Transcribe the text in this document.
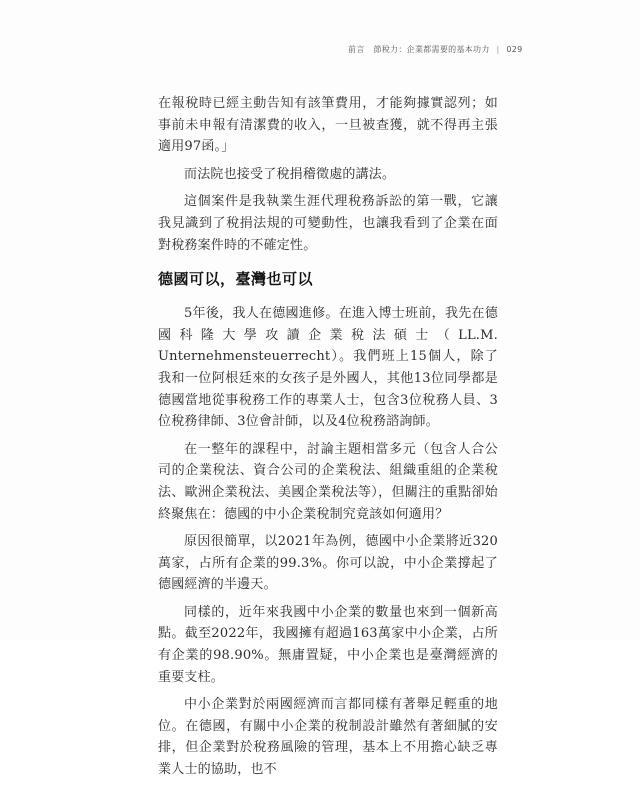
前言 節稅力：企業都需要的基本功力 | 029

在報稅時已經主動告知有該筆費用，才能夠據實認列；如事前未申報有清潔費的收入，一旦被查獲，就不得再主張適用97函。」

而法院也接受了稅捐稽徵處的講法。

這個案件是我執業生涯代理稅務訴訟的第一戰，它讓我見識到了稅捐法規的可變動性，也讓我看到了企業在面對稅務案件時的不確定性。

德國可以，臺灣也可以

5年後，我人在德國進修。在進入博士班前，我先在德國科隆大學攻讀企業稅法碩士（LL.M. Unternehmensteuerrecht）。我們班上15個人，除了我和一位阿根廷來的女孩子是外國人，其他13位同學都是德國當地從事稅務工作的專業人士，包含3位稅務人員、3位稅務律師、3位會計師，以及4位稅務諮詢師。

在一整年的課程中，討論主題相當多元（包含人合公司的企業稅法、資合公司的企業稅法、組織重組的企業稅法、歐洲企業稅法、美國企業稅法等），但關注的重點卻始終聚焦在：德國的中小企業稅制究竟該如何適用？

原因很簡單，以2021年為例，德國中小企業將近320萬家，占所有企業的99.3%。你可以說，中小企業撐起了德國經濟的半邊天。

同樣的，近年來我國中小企業的數量也來到一個新高點。截至2022年，我國擁有超過163萬家中小企業，占所有企業的98.90%。無庸置疑，中小企業也是臺灣經濟的重要支柱。

中小企業對於兩國經濟而言都同樣有著舉足輕重的地位。在德國，有關中小企業的稅制設計雖然有著細膩的安排，但企業對於稅務風險的管理，基本上不用擔心缺乏專業人士的協助，也不
